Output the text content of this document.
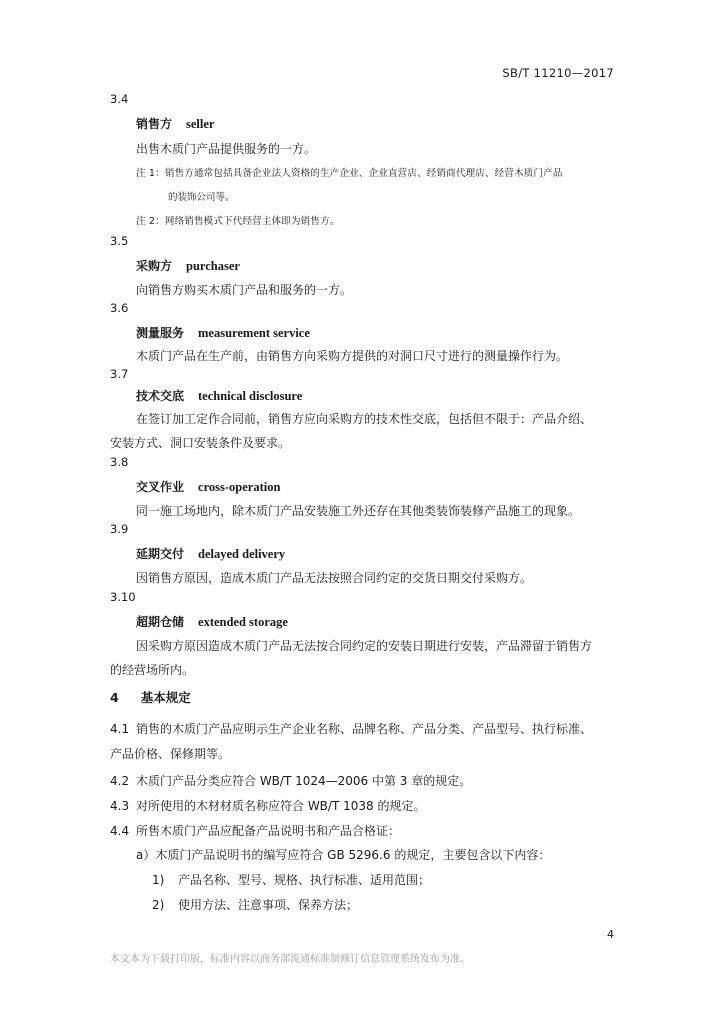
SB/T 11210—2017
3.4
销售方 seller
出售木质门产品提供服务的一方。
注 1：销售方通常包括具备企业法人资格的生产企业、企业直营店、经销商代理店、经营木质门产品
的装饰公司等。
注 2：网络销售模式下代经营主体即为销售方。
3.5
采购方 purchaser
向销售方购买木质门产品和服务的一方。
3.6
测量服务 measurement service
木质门产品在生产前，由销售方向采购方提供的对洞口尺寸进行的测量操作行为。
3.7
技术交底 technical disclosure
在签订加工定作合同前，销售方应向采购方的技术性交底，包括但不限于：产品介绍、
安装方式、洞口安装条件及要求。
3.8
交叉作业 cross-operation
同一施工场地内，除木质门产品安装施工外还存在其他类装饰装修产品施工的现象。
3.9
延期交付 delayed delivery
因销售方原因，造成木质门产品无法按照合同约定的交货日期交付采购方。
3.10
超期仓储 extended storage
因采购方原因造成木质门产品无法按合同约定的安装日期进行安装，产品滞留于销售方
的经营场所内。
4 基本规定
4.1 销售的木质门产品应明示生产企业名称、品牌名称、产品分类、产品型号、执行标准、
产品价格、保修期等。
4.2 木质门产品分类应符合 WB/T 1024—2006 中第 3 章的规定。
4.3 对所使用的木材材质名称应符合 WB/T 1038 的规定。
4.4 所售木质门产品应配备产品说明书和产品合格证：
a）木质门产品说明书的编写应符合 GB 5296.6 的规定，主要包含以下内容：
1) 产品名称、型号、规格、执行标准、适用范围；
2) 使用方法、注意事项、保养方法；
4
本文本为下载打印版，标准内容以商务部流通标准制修订信息管理系统发布为准。
